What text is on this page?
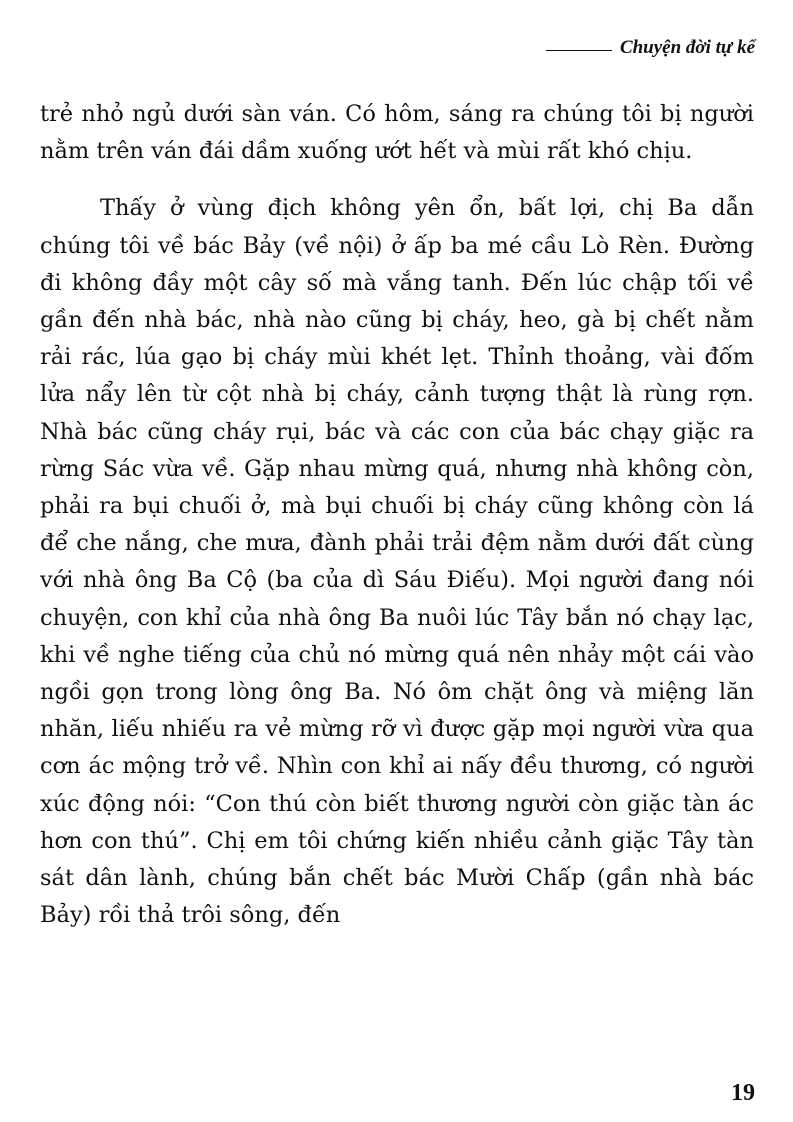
Chuyện đời tự kể

trẻ nhỏ ngủ dưới sàn ván. Có hôm, sáng ra chúng tôi bị người nằm trên ván đái dầm xuống ướt hết và mùi rất khó chịu.

Thấy ở vùng địch không yên ổn, bất lợi, chị Ba dẫn chúng tôi về bác Bảy (về nội) ở ấp ba mé cầu Lò Rèn. Đường đi không đầy một cây số mà vắng tanh. Đến lúc chập tối về gần đến nhà bác, nhà nào cũng bị cháy, heo, gà bị chết nằm rải rác, lúa gạo bị cháy mùi khét lẹt. Thỉnh thoảng, vài đốm lửa nẩy lên từ cột nhà bị cháy, cảnh tượng thật là rùng rợn. Nhà bác cũng cháy rụi, bác và các con của bác chạy giặc ra rừng Sác vừa về. Gặp nhau mừng quá, nhưng nhà không còn, phải ra bụi chuối ở, mà bụi chuối bị cháy cũng không còn lá để che nắng, che mưa, đành phải trải đệm nằm dưới đất cùng với nhà ông Ba Cộ (ba của dì Sáu Điếu). Mọi người đang nói chuyện, con khỉ của nhà ông Ba nuôi lúc Tây bắn nó chạy lạc, khi về nghe tiếng của chủ nó mừng quá nên nhảy một cái vào ngồi gọn trong lòng ông Ba. Nó ôm chặt ông và miệng lăn nhăn, liếu nhiếu ra vẻ mừng rỡ vì được gặp mọi người vừa qua cơn ác mộng trở về. Nhìn con khỉ ai nấy đều thương, có người xúc động nói: “Con thú còn biết thương người còn giặc tàn ác hơn con thú”. Chị em tôi chứng kiến nhiều cảnh giặc Tây tàn sát dân lành, chúng bắn chết bác Mười Chấp (gần nhà bác Bảy) rồi thả trôi sông, đến

19
